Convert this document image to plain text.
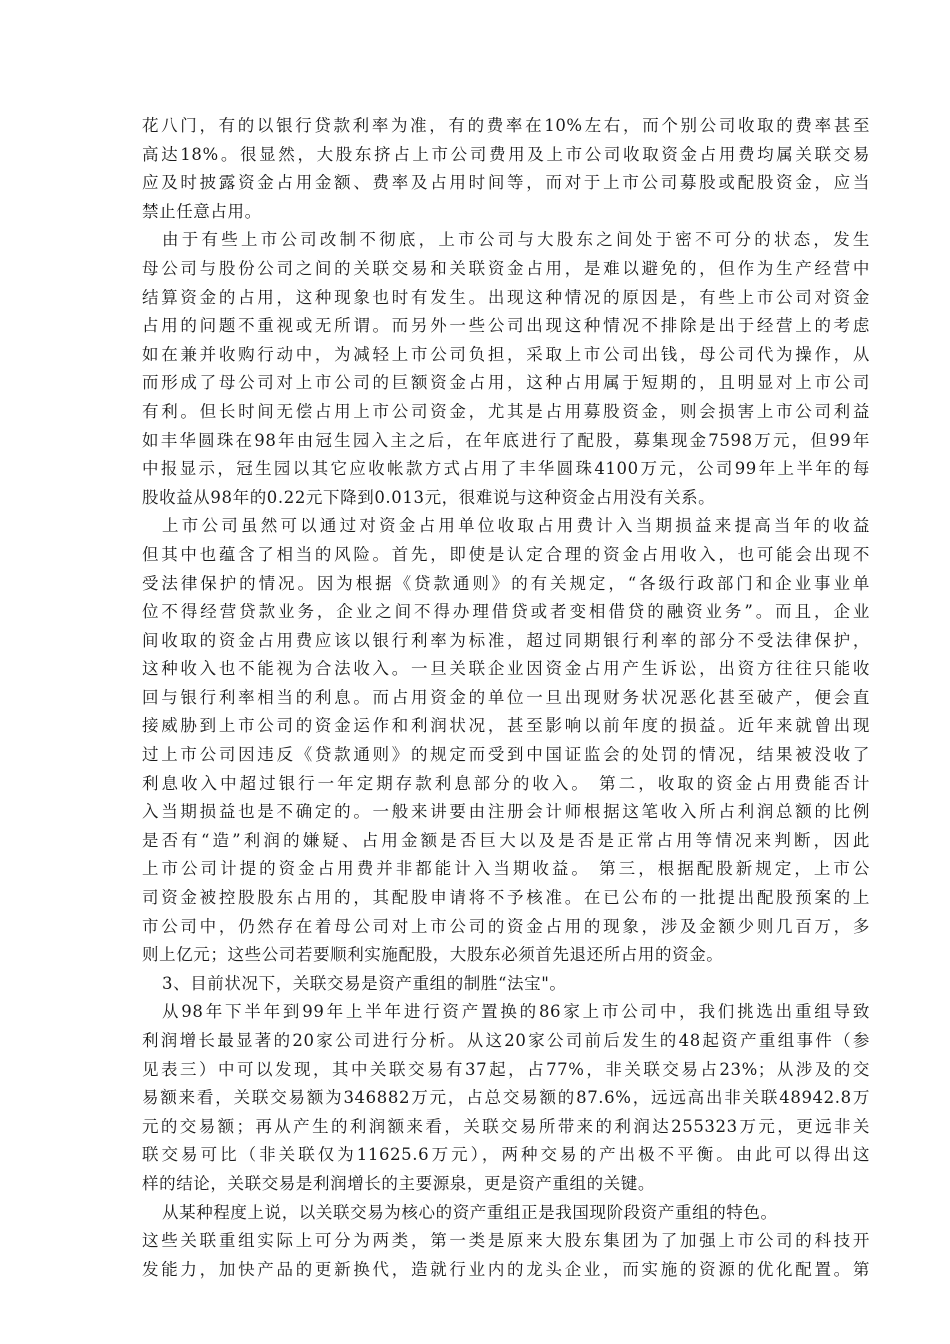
花八门，有的以银行贷款利率为准，有的费率在10%左右，而个别公司收取的费率甚至
高达18%。很显然，大股东挤占上市公司费用及上市公司收取资金占用费均属关联交易
应及时披露资金占用金额、费率及占用时间等，而对于上市公司募股或配股资金，应当
禁止任意占用。
由于有些上市公司改制不彻底，上市公司与大股东之间处于密不可分的状态，发生
母公司与股份公司之间的关联交易和关联资金占用，是难以避免的，但作为生产经营中
结算资金的占用，这种现象也时有发生。出现这种情况的原因是，有些上市公司对资金
占用的问题不重视或无所谓。而另外一些公司出现这种情况不排除是出于经营上的考虑
如在兼并收购行动中，为减轻上市公司负担，采取上市公司出钱，母公司代为操作，从
而形成了母公司对上市公司的巨额资金占用，这种占用属于短期的，且明显对上市公司
有利。但长时间无偿占用上市公司资金，尤其是占用募股资金，则会损害上市公司利益
如丰华圆珠在98年由冠生园入主之后，在年底进行了配股，募集现金7598万元，但99年
中报显示，冠生园以其它应收帐款方式占用了丰华圆珠4100万元，公司99年上半年的每
股收益从98年的0.22元下降到0.013元，很难说与这种资金占用没有关系。
上市公司虽然可以通过对资金占用单位收取占用费计入当期损益来提高当年的收益
但其中也蕴含了相当的风险。首先，即使是认定合理的资金占用收入，也可能会出现不
受法律保护的情况。因为根据《贷款通则》的有关规定，“各级行政部门和企业事业单
位不得经营贷款业务，企业之间不得办理借贷或者变相借贷的融资业务”。而且，企业
间收取的资金占用费应该以银行利率为标准，超过同期银行利率的部分不受法律保护，
这种收入也不能视为合法收入。一旦关联企业因资金占用产生诉讼，出资方往往只能收
回与银行利率相当的利息。而占用资金的单位一旦出现财务状况恶化甚至破产，便会直
接威胁到上市公司的资金运作和利润状况，甚至影响以前年度的损益。近年来就曾出现
过上市公司因违反《贷款通则》的规定而受到中国证监会的处罚的情况，结果被没收了
利息收入中超过银行一年定期存款利息部分的收入。 第二，收取的资金占用费能否计
入当期损益也是不确定的。一般来讲要由注册会计师根据这笔收入所占利润总额的比例
是否有“造”利润的嫌疑、占用金额是否巨大以及是否是正常占用等情况来判断，因此
上市公司计提的资金占用费并非都能计入当期收益。 第三，根据配股新规定，上市公
司资金被控股股东占用的，其配股申请将不予核准。在已公布的一批提出配股预案的上
市公司中，仍然存在着母公司对上市公司的资金占用的现象，涉及金额少则几百万，多
则上亿元；这些公司若要顺利实施配股，大股东必须首先退还所占用的资金。
3、目前状况下，关联交易是资产重组的制胜“法宝"。
从98年下半年到99年上半年进行资产置换的86家上市公司中，我们挑选出重组导致
利润增长最显著的20家公司进行分析。从这20家公司前后发生的48起资产重组事件（参
见表三）中可以发现，其中关联交易有37起，占77%，非关联交易占23%；从涉及的交
易额来看，关联交易额为346882万元，占总交易额的87.6%，远远高出非关联48942.8万
元的交易额；再从产生的利润额来看，关联交易所带来的利润达255323万元，更远非关
联交易可比（非关联仅为11625.6万元），两种交易的产出极不平衡。由此可以得出这
样的结论，关联交易是利润增长的主要源泉，更是资产重组的关键。
从某种程度上说，以关联交易为核心的资产重组正是我国现阶段资产重组的特色。
这些关联重组实际上可分为两类，第一类是原来大股东集团为了加强上市公司的科技开
发能力，加快产品的更新换代，造就行业内的龙头企业，而实施的资源的优化配置。第
